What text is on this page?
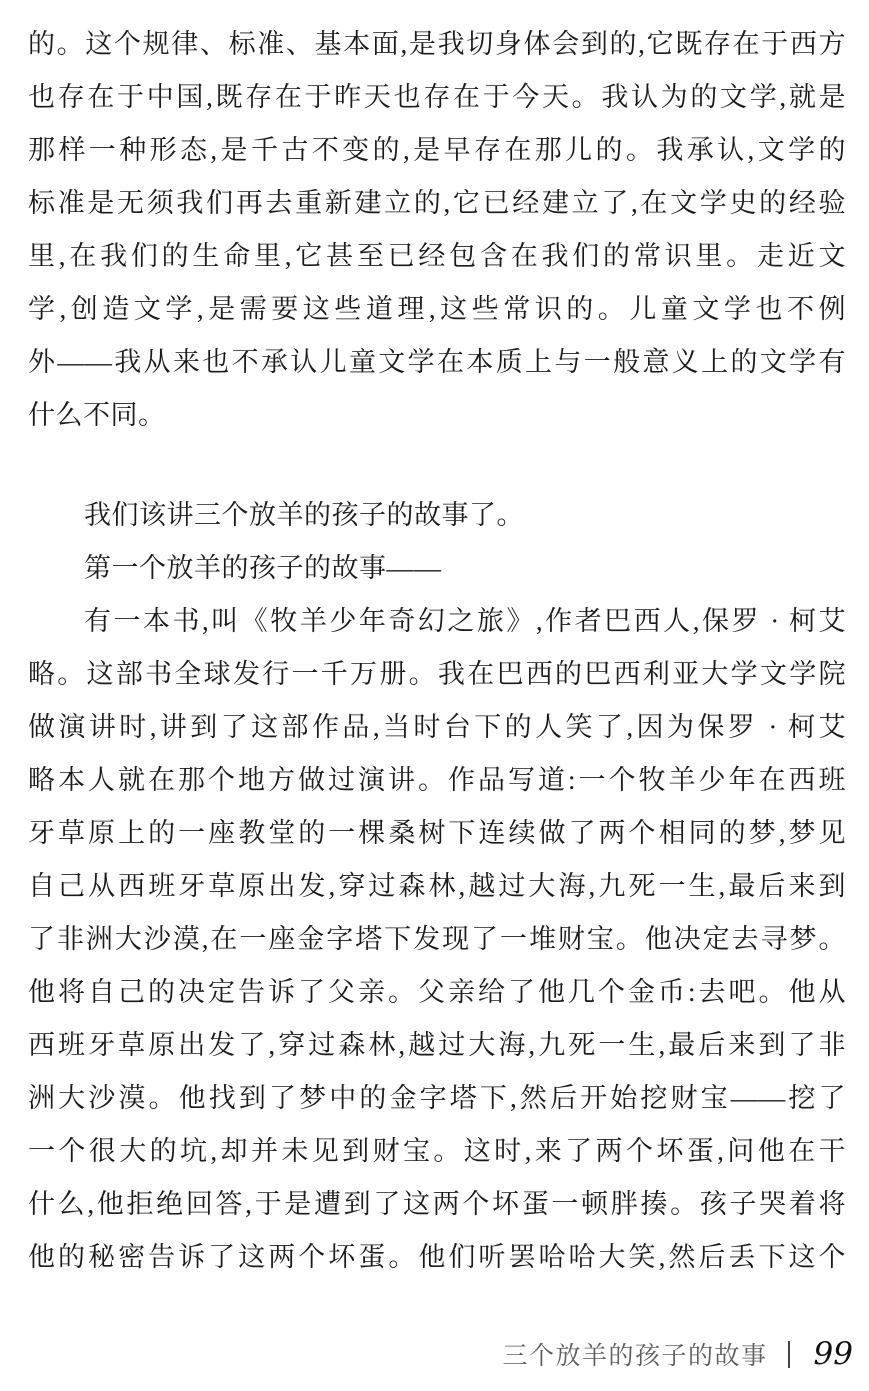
的。这个规律、标准、基本面,是我切身体会到的,它既存在于西方
也存在于中国,既存在于昨天也存在于今天。我认为的文学,就是
那样一种形态,是千古不变的,是早存在那儿的。我承认,文学的
标准是无须我们再去重新建立的,它已经建立了,在文学史的经验
里,在我们的生命里,它甚至已经包含在我们的常识里。走近文
学,创造文学,是需要这些道理,这些常识的。儿童文学也不例
外——我从来也不承认儿童文学在本质上与一般意义上的文学有
什么不同。
我们该讲三个放羊的孩子的故事了。
第一个放羊的孩子的故事——
有一本书,叫《牧羊少年奇幻之旅》,作者巴西人,保罗 · 柯艾
略。这部书全球发行一千万册。我在巴西的巴西利亚大学文学院
做演讲时,讲到了这部作品,当时台下的人笑了,因为保罗 · 柯艾
略本人就在那个地方做过演讲。作品写道:一个牧羊少年在西班
牙草原上的一座教堂的一棵桑树下连续做了两个相同的梦,梦见
自己从西班牙草原出发,穿过森林,越过大海,九死一生,最后来到
了非洲大沙漠,在一座金字塔下发现了一堆财宝。他决定去寻梦。
他将自己的决定告诉了父亲。父亲给了他几个金币:去吧。他从
西班牙草原出发了,穿过森林,越过大海,九死一生,最后来到了非
洲大沙漠。他找到了梦中的金字塔下,然后开始挖财宝——挖了
一个很大的坑,却并未见到财宝。这时,来了两个坏蛋,问他在干
什么,他拒绝回答,于是遭到了这两个坏蛋一顿胖揍。孩子哭着将
他的秘密告诉了这两个坏蛋。他们听罢哈哈大笑,然后丢下这个
三个放羊的孩子的故事 99
